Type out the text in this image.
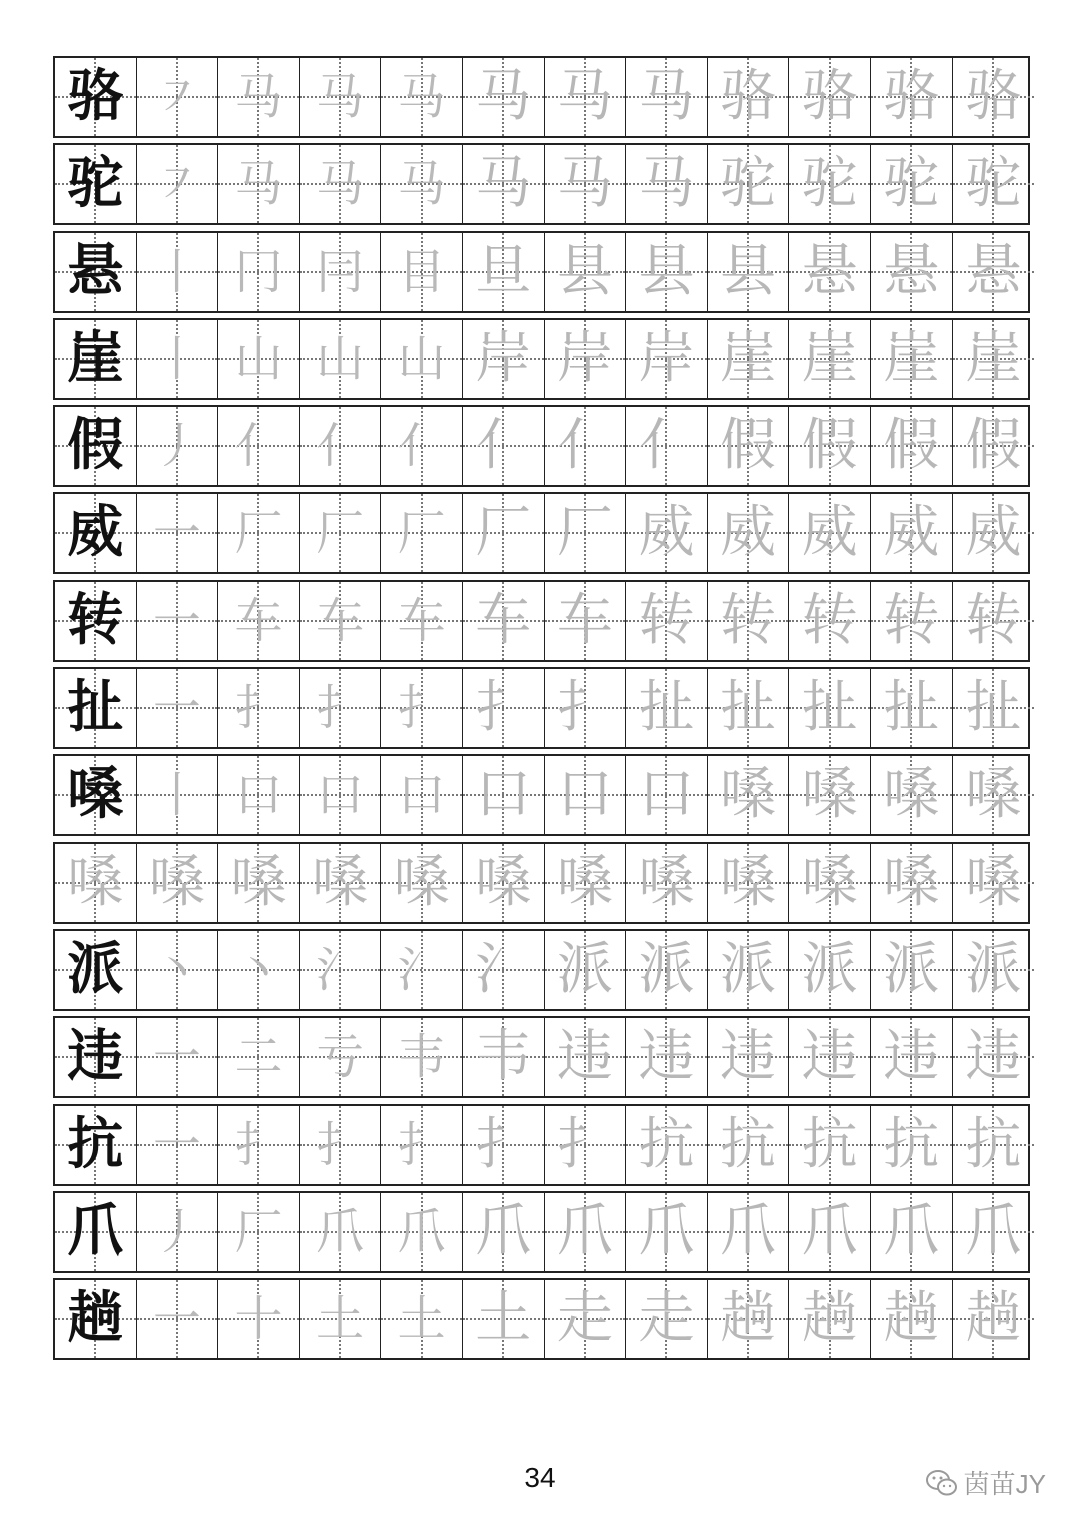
骆 ㇇ 马 马 马 马 马 马 骆 骆 骆 骆
驼 ㇇ 马 马 马 马 马 马 驼 驼 驼 驼
悬 丨 冂 冃 目 旦 县 县 县 悬 悬 悬
崖 丨 山 山 山 岸 岸 岸 崖 崖 崖 崖
假 丿 亻 亻 亻 亻 亻 亻 假 假 假 假
威 一 厂 厂 厂 厂 厂 威 威 威 威 威
转 一 车 车 车 车 车 转 转 转 转 转
扯 一 扌 扌 扌 扌 扌 扯 扯 扯 扯 扯
嗓 丨 口 口 口 口 口 口 嗓 嗓 嗓 嗓
嗓 嗓 嗓 嗓 嗓 嗓 嗓 嗓 嗓 嗓 嗓 嗓
派 丶 丶 氵 氵 氵 派 派 派 派 派 派
违 一 二 亏 韦 韦 违 违 违 违 违 违
抗 一 扌 扌 扌 扌 扌 抗 抗 抗 抗 抗
爪 丿 厂 爪 爪 爪 爪 爪 爪 爪 爪 爪
趟 一 十 土 土 土 走 走 趟 趟 趟 趟
34	茵苗JY
